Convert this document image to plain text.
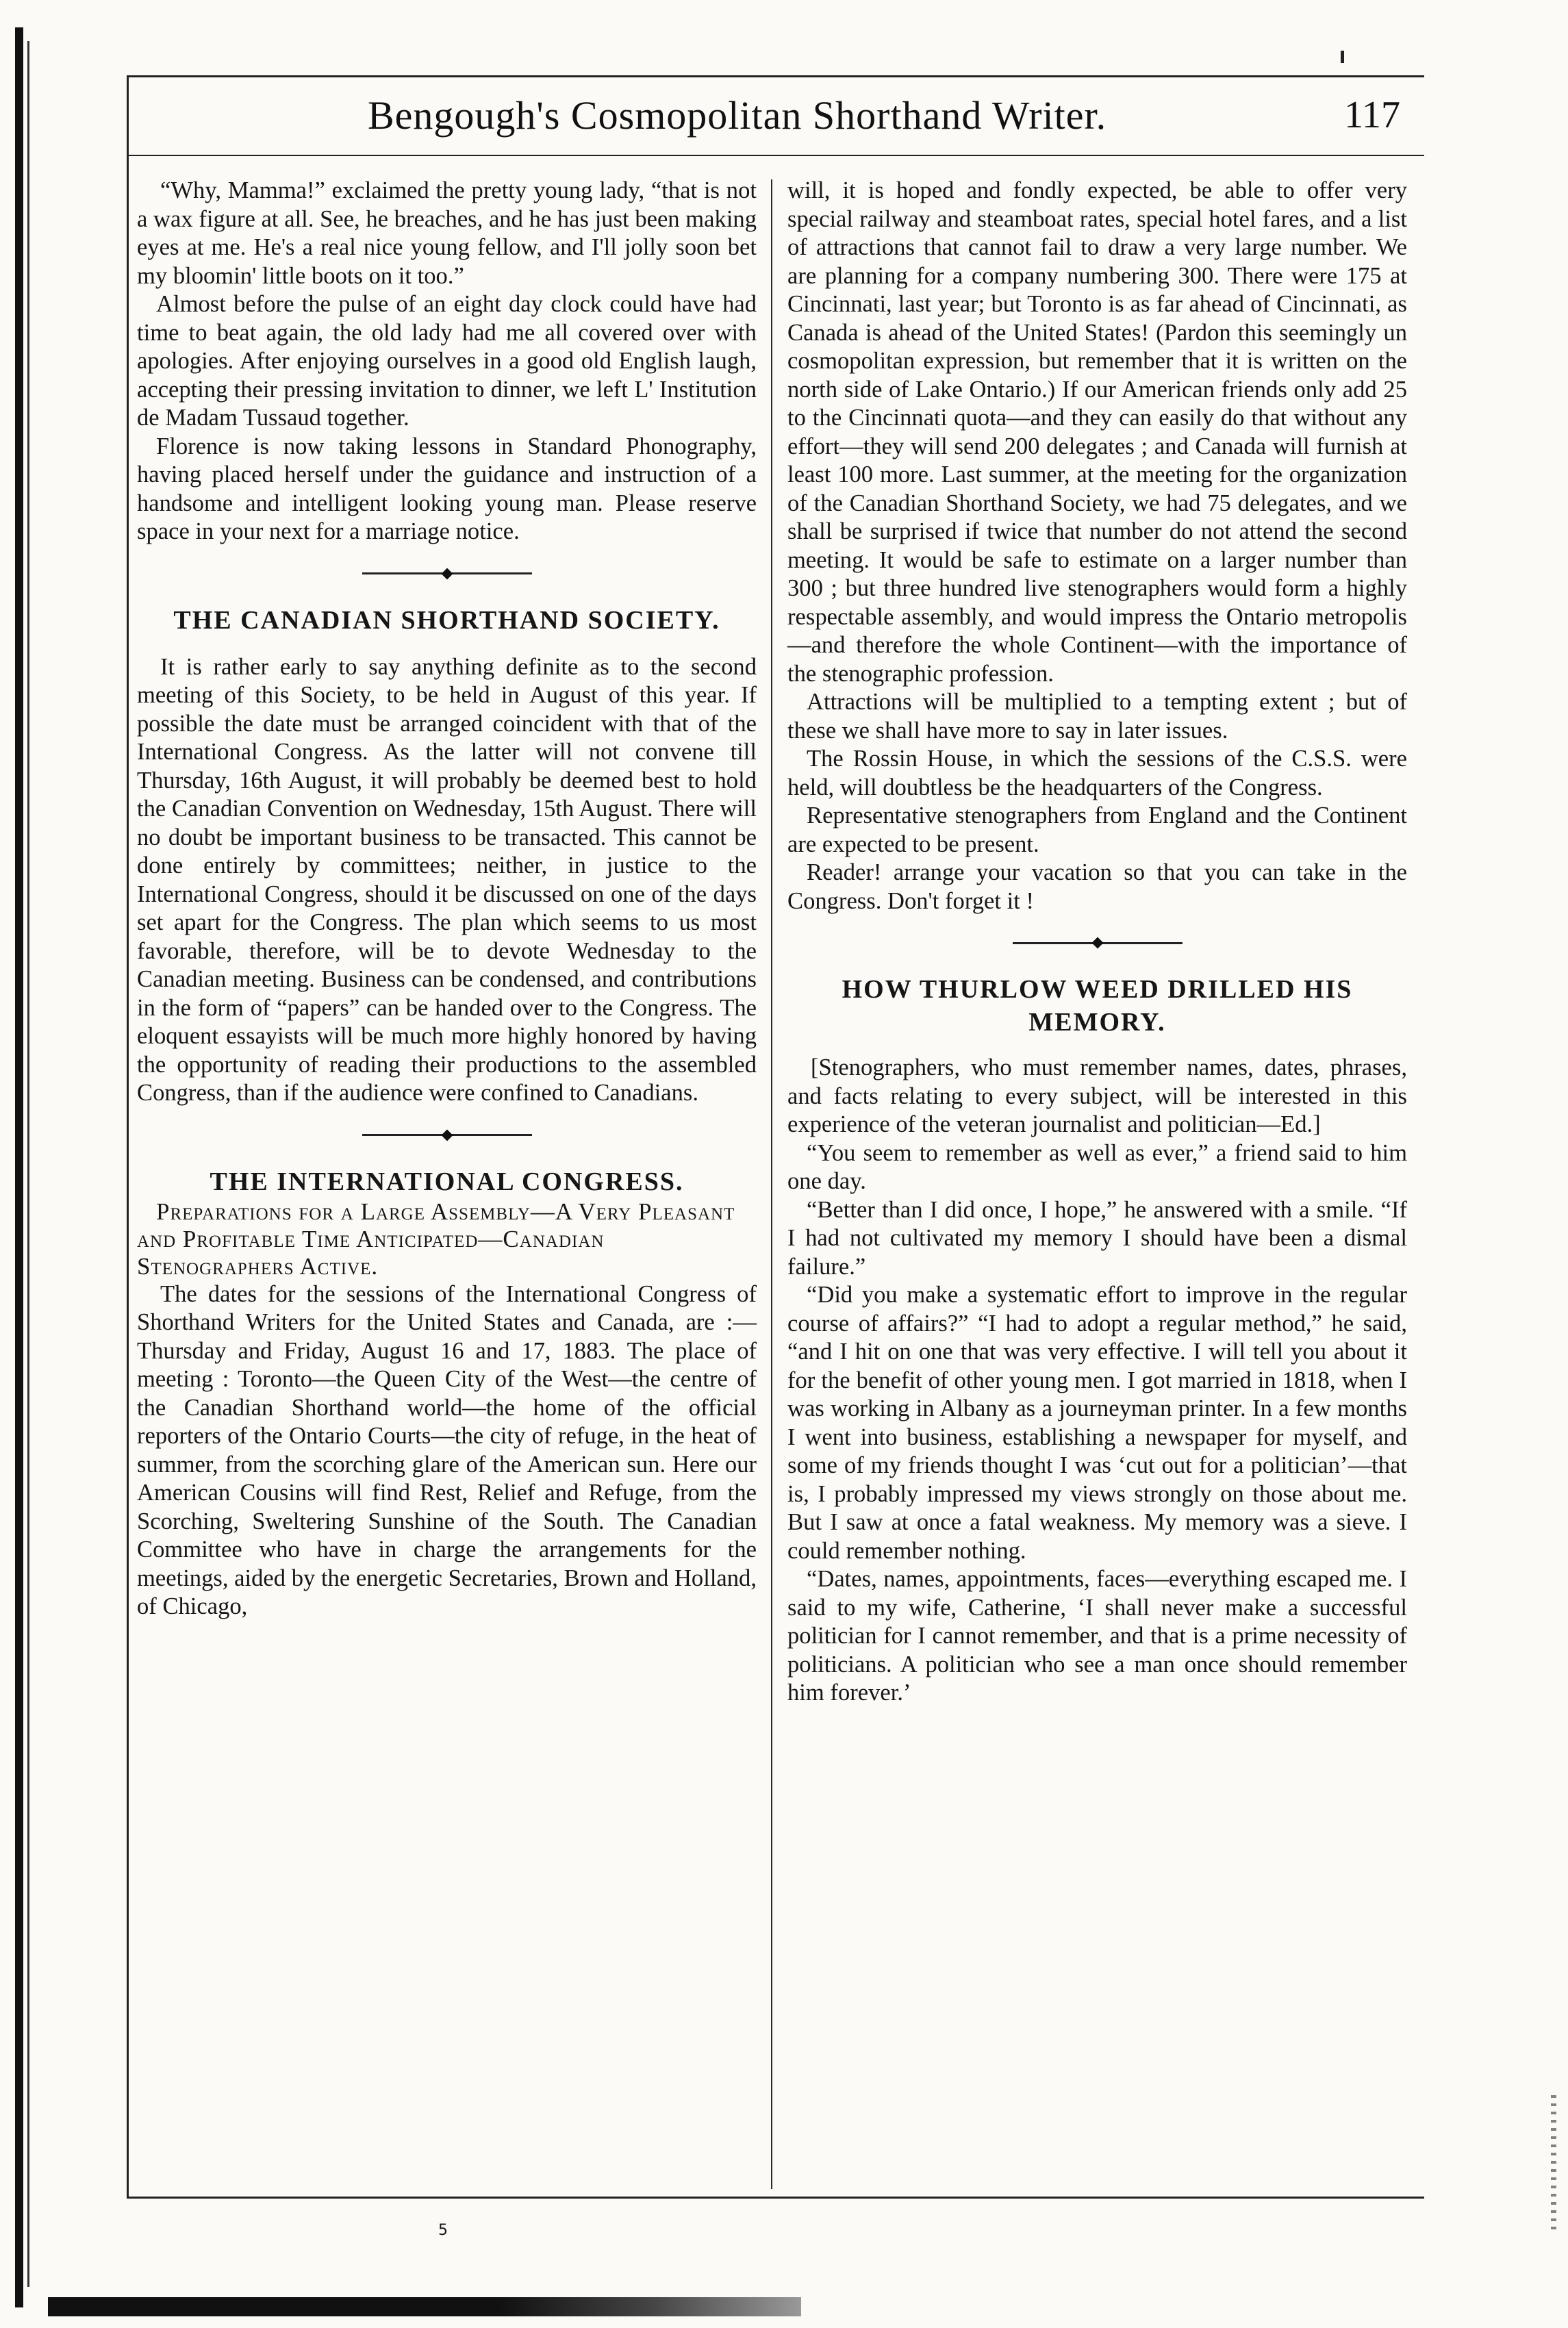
Bengough's Cosmopolitan Shorthand Writer.	117

“Why, Mamma!” exclaimed the pretty young lady, “that is not a wax figure at all. See, he breaches, and he has just been making eyes at me. He's a real nice young fellow, and I'll jolly soon bet my bloomin' little boots on it too.”

Almost before the pulse of an eight day clock could have had time to beat again, the old lady had me all covered over with apologies. After enjoying ourselves in a good old English laugh, accepting their pressing invitation to dinner, we left L' Institution de Madam Tussaud together.

Florence is now taking lessons in Standard Phonography, having placed herself under the guidance and instruction of a handsome and intelligent looking young man. Please reserve space in your next for a marriage notice.

THE CANADIAN SHORTHAND SOCIETY.

It is rather early to say anything definite as to the second meeting of this Society, to be held in August of this year. If possible the date must be arranged coincident with that of the International Congress. As the latter will not convene till Thursday, 16th August, it will probably be deemed best to hold the Canadian Convention on Wednesday, 15th August. There will no doubt be important business to be transacted. This cannot be done entirely by committees; neither, in justice to the International Congress, should it be discussed on one of the days set apart for the Congress. The plan which seems to us most favorable, therefore, will be to devote Wednesday to the Canadian meeting. Business can be condensed, and contributions in the form of “papers” can be handed over to the Congress. The eloquent essayists will be much more highly honored by having the opportunity of reading their productions to the assembled Congress, than if the audience were confined to Canadians.

THE INTERNATIONAL CONGRESS.

Preparations for a Large Assembly—A Very Pleasant and Profitable Time Anticipated—Canadian Stenographers Active.

The dates for the sessions of the International Congress of Shorthand Writers for the United States and Canada, are :—Thursday and Friday, August 16 and 17, 1883. The place of meeting : Toronto—the Queen City of the West—the centre of the Canadian Shorthand world—the home of the official reporters of the Ontario Courts—the city of refuge, in the heat of summer, from the scorching glare of the American sun. Here our American Cousins will find Rest, Relief and Refuge, from the Scorching, Sweltering Sunshine of the South. The Canadian Committee who have in charge the arrangements for the meetings, aided by the energetic Secretaries, Brown and Holland, of Chicago,

will, it is hoped and fondly expected, be able to offer very special railway and steamboat rates, special hotel fares, and a list of attractions that cannot fail to draw a very large number. We are planning for a company numbering 300. There were 175 at Cincinnati, last year; but Toronto is as far ahead of Cincinnati, as Canada is ahead of the United States! (Pardon this seemingly un cosmopolitan expression, but remember that it is written on the north side of Lake Ontario.) If our American friends only add 25 to the Cincinnati quota—and they can easily do that without any effort—they will send 200 delegates ; and Canada will furnish at least 100 more. Last summer, at the meeting for the organization of the Canadian Shorthand Society, we had 75 delegates, and we shall be surprised if twice that number do not attend the second meeting. It would be safe to estimate on a larger number than 300 ; but three hundred live stenographers would form a highly respectable assembly, and would impress the Ontario metropolis—and therefore the whole Continent—with the importance of the stenographic profession.

Attractions will be multiplied to a tempting extent ; but of these we shall have more to say in later issues.

The Rossin House, in which the sessions of the C.S.S. were held, will doubtless be the headquarters of the Congress.

Representative stenographers from England and the Continent are expected to be present.

Reader! arrange your vacation so that you can take in the Congress. Don't forget it !

HOW THURLOW WEED DRILLED HIS MEMORY.

[Stenographers, who must remember names, dates, phrases, and facts relating to every subject, will be interested in this experience of the veteran journalist and politician—Ed.]

“You seem to remember as well as ever,” a friend said to him one day.

“Better than I did once, I hope,” he answered with a smile. “If I had not cultivated my memory I should have been a dismal failure.”

“Did you make a systematic effort to improve in the regular course of affairs?” “I had to adopt a regular method,” he said, “and I hit on one that was very effective. I will tell you about it for the benefit of other young men. I got married in 1818, when I was working in Albany as a journeyman printer. In a few months I went into business, establishing a newspaper for myself, and some of my friends thought I was ‘cut out for a politician’—that is, I probably impressed my views strongly on those about me. But I saw at once a fatal weakness. My memory was a sieve. I could remember nothing.

“Dates, names, appointments, faces—everything escaped me. I said to my wife, Catherine, ‘I shall never make a successful politician for I cannot remember, and that is a prime necessity of politicians. A politician who see a man once should remember him forever.’

5
